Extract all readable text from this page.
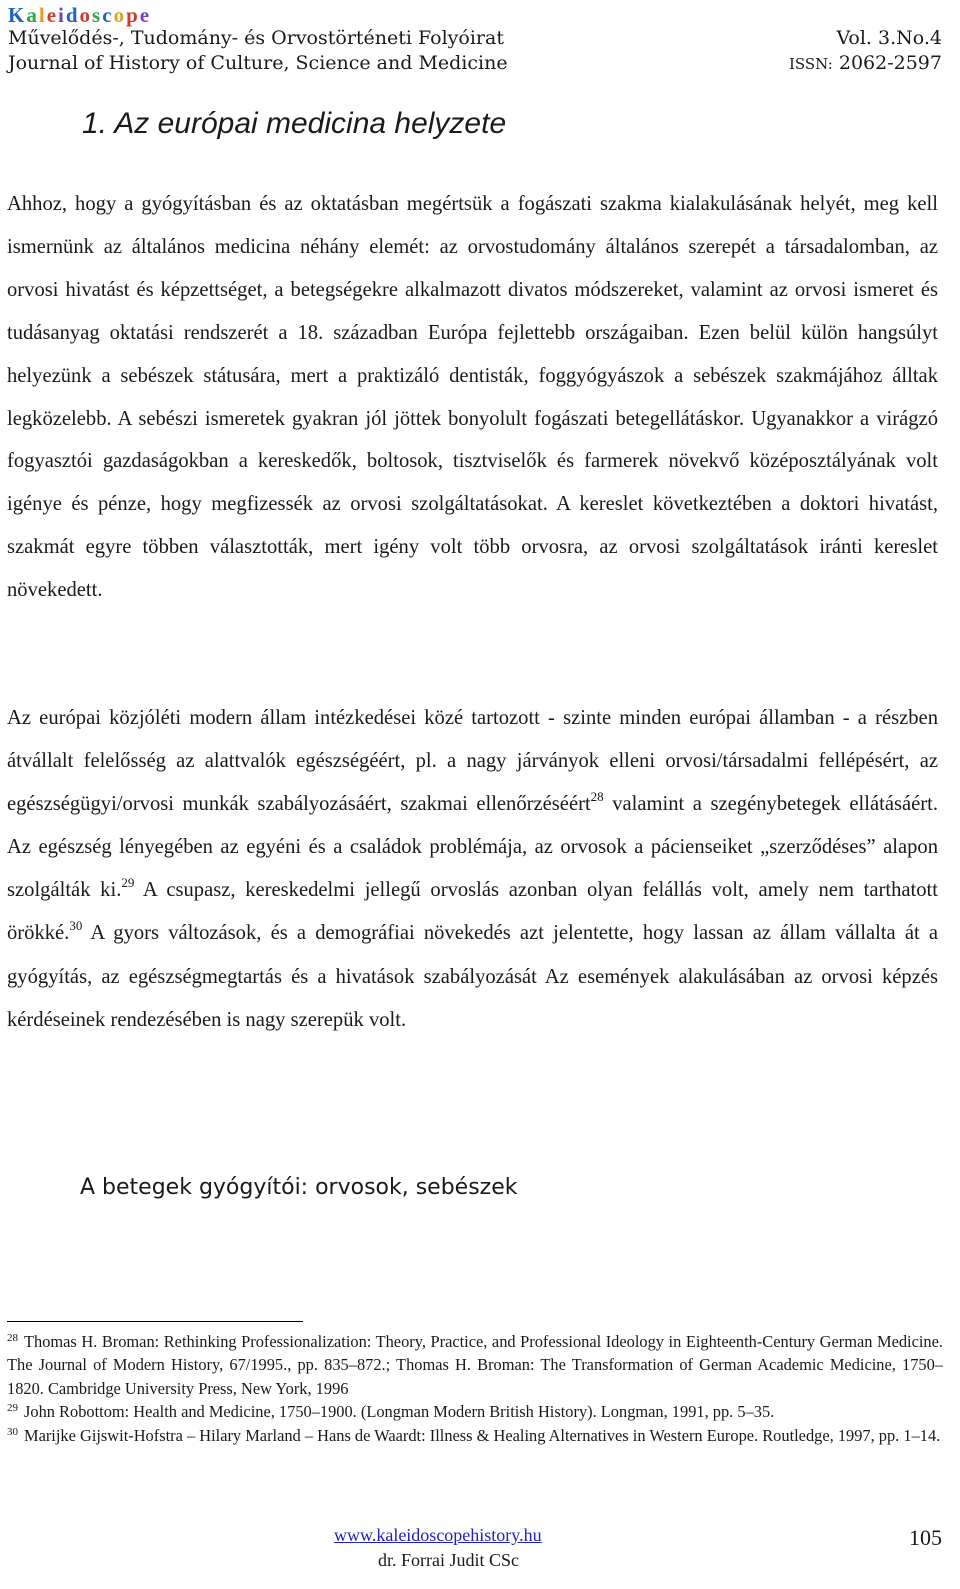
Kaleidoscope
Művelődés-, Tudomány- és Orvostörténeti Folyóirat	Vol. 3.No.4
Journal of History of Culture, Science and Medicine	ISSN: 2062-2597
1. Az európai medicina helyzete
Ahhoz, hogy a gyógyításban és az oktatásban megértsük a fogászati szakma kialakulásának helyét, meg kell ismernünk az általános medicina néhány elemét: az orvostudomány általános szerepét a társadalomban, az orvosi hivatást és képzettséget, a betegségekre alkalmazott divatos módszereket, valamint az orvosi ismeret és tudásanyag oktatási rendszerét a 18. században Európa fejlettebb országaiban. Ezen belül külön hangsúlyt helyezünk a sebészek státusára, mert a praktizáló dentisták, foggyógyászok a sebészek szakmájához álltak legközelebb. A sebészi ismeretek gyakran jól jöttek bonyolult fogászati betegellátáskor. Ugyanakkor a virágzó fogyasztói gazdaságokban a kereskedők, boltosok, tisztviselők és farmerek növekvő középosztályának volt igénye és pénze, hogy megfizessék az orvosi szolgáltatásokat. A kereslet következtében a doktori hivatást, szakmát egyre többen választották, mert igény volt több orvosra, az orvosi szolgáltatások iránti kereslet növekedett.
Az európai közjóléti modern állam intézkedései közé tartozott - szinte minden európai államban - a részben átvállalt felelősség az alattvalók egészségéért, pl. a nagy járványok elleni orvosi/társadalmi fellépésért, az egészségügyi/orvosi munkák szabályozásáért, szakmai ellenőrzéséért$^{28}$ valamint a szegénybetegek ellátásáért. Az egészség lényegében az egyéni és a családok problémája, az orvosok a pácienseiket „szerződéses” alapon szolgálták ki.$^{29}$ A csupasz, kereskedelmi jellegű orvoslás azonban olyan felállás volt, amely nem tarthatott örökké.$^{30}$ A gyors változások, és a demográfiai növekedés azt jelentette, hogy lassan az állam vállalta át a gyógyítás, az egészségmegtartás és a hivatások szabályozását Az események alakulásában az orvosi képzés kérdéseinek rendezésében is nagy szerepük volt.
A betegek gyógyítói: orvosok, sebészek

$^{28}$ Thomas H. Broman: Rethinking Professionalization: Theory, Practice, and Professional Ideology in Eighteenth-Century German Medicine. The Journal of Modern History, 67/1995., pp. 835–872.; Thomas H. Broman: The Transformation of German Academic Medicine, 1750–1820. Cambridge University Press, New York, 1996

$^{29}$ John Robottom: Health and Medicine, 1750–1900. (Longman Modern British History). Longman, 1991, pp. 5–35.

$^{30}$ Marijke Gijswit-Hofstra – Hilary Marland – Hans de Waardt: Illness & Healing Alternatives in Western Europe. Routledge, 1997, pp. 1–14.

www.kaleidoscopehistory.hu
dr. Forrai Judit CSc
105
